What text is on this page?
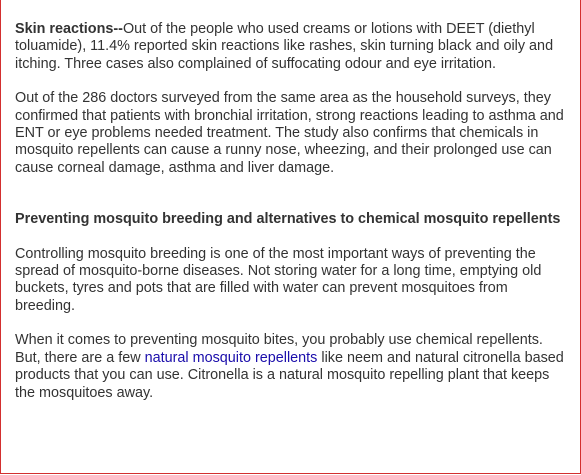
Skin reactions--Out of the people who used creams or lotions with DEET (diethyl toluamide), 11.4% reported skin reactions like rashes, skin turning black and oily and itching. Three cases also complained of suffocating odour and eye irritation.

Out of the 286 doctors surveyed from the same area as the household surveys, they confirmed that patients with bronchial irritation, strong reactions leading to asthma and ENT or eye problems needed treatment. The study also confirms that chemicals in mosquito repellents can cause a runny nose, wheezing, and their prolonged use can cause corneal damage, asthma and liver damage.

Preventing mosquito breeding and alternatives to chemical mosquito repellents

Controlling mosquito breeding is one of the most important ways of preventing the spread of mosquito-borne diseases. Not storing water for a long time, emptying old buckets, tyres and pots that are filled with water can prevent mosquitoes from breeding.

When it comes to preventing mosquito bites, you probably use chemical repellents. But, there are a few natural mosquito repellents like neem and natural citronella based products that you can use. Citronella is a natural mosquito repelling plant that keeps the mosquitoes away.
